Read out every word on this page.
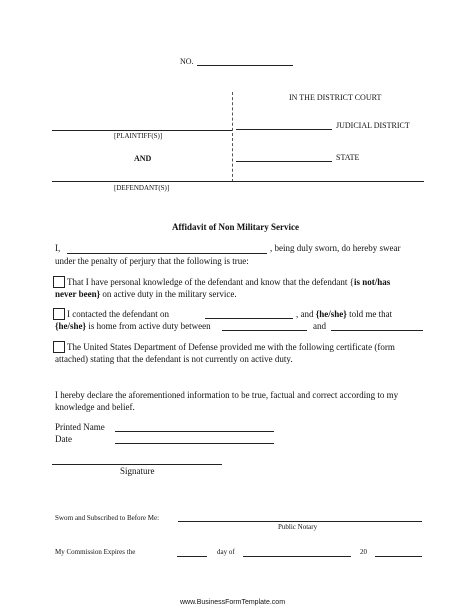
NO.
IN THE DISTRICT COURT
JUDICIAL DISTRICT
[PLAINTIFF(S)]
AND	STATE
[DEFENDANT(S)]
Affidavit of Non Military Service
I,	, being duly sworn, do hereby swear
under the penalty of perjury that the following is true:
That I have personal knowledge of the defendant and know that the defendant {is not/has
never been} on active duty in the military service.
I contacted the defendant on	, and {he/she} told me that
{he/she} is home from active duty between	and
The United States Department of Defense provided me with the following certificate (form
attached) stating that the defendant is not currently on active duty.
I hereby declare the aforementioned information to be true, factual and correct according to my
knowledge and belief.
Printed Name
Date
Signature
Sworn and Subscribed to Before Me:
Public Notary
My Commission Expires the	day of	20
www.BusinessFormTemplate.com
